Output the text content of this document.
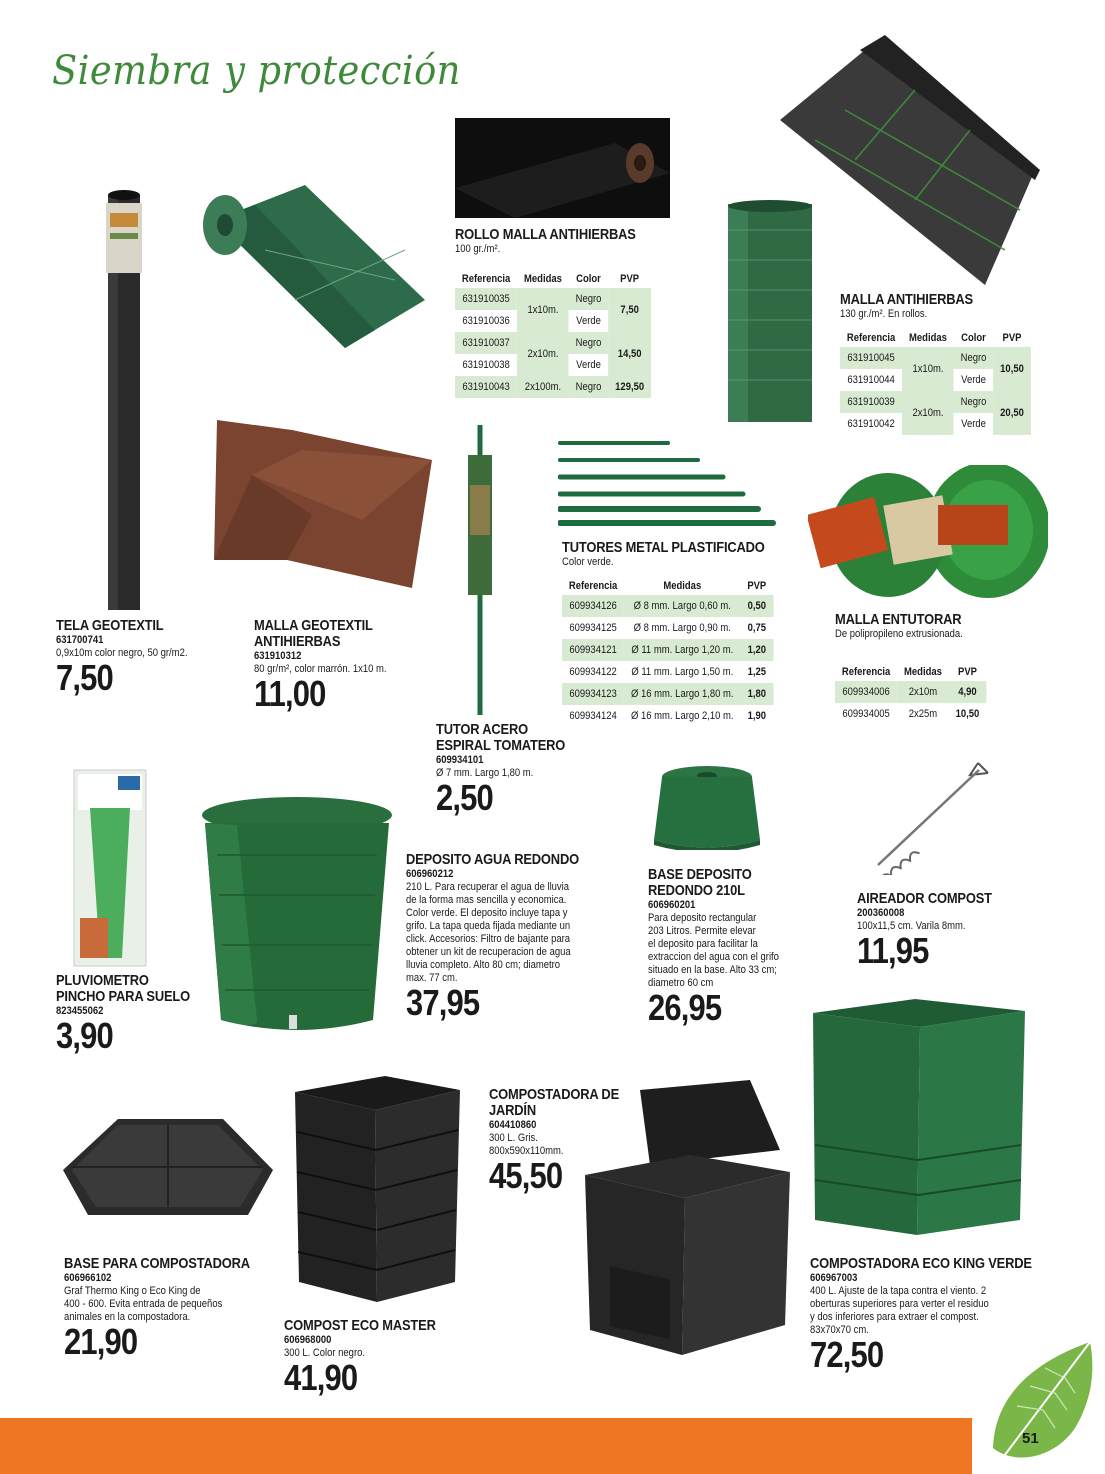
Siembra y protección
TELA GEOTEXTIL
631700741
0,9x10m color negro, 50 gr/m2.
7,50
MALLA GEOTEXTIL
ANTIHIERBAS
631910312
80 gr/m², color marrón. 1x10 m.
11,00
ROLLO MALLA ANTIHIERBAS
100 gr./m².
Referencia	Medidas	Color	PVP
631910035	1x10m.	Negro	7,50
631910036		Verde	
631910037	2x10m.	Negro	14,50
631910038		Verde	
631910043	2x100m.	Negro	129,50
MALLA ANTIHIERBAS
130 gr./m². En rollos.
Referencia	Medidas	Color	PVP
631910045	1x10m.	Negro	10,50
631910044		Verde	
631910039	2x10m.	Negro	20,50
631910042		Verde	
TUTORES METAL PLASTIFICADO
Color verde.
Referencia	Medidas	PVP
609934126	Ø 8 mm. Largo 0,60 m.	0,50
609934125	Ø 8 mm. Largo 0,90 m.	0,75
609934121	Ø 11 mm. Largo 1,20 m.	1,20
609934122	Ø 11 mm. Largo 1,50 m.	1,25
609934123	Ø 16 mm. Largo 1,80 m.	1,80
609934124	Ø 16 mm. Largo 2,10 m.	1,90
MALLA ENTUTORAR
De polipropileno extrusionada.
Referencia	Medidas	PVP
609934006	2x10m	4,90
609934005	2x25m	10,50
TUTOR ACERO
ESPIRAL TOMATERO
609934101
Ø 7 mm. Largo 1,80 m.
2,50
PLUVIOMETRO
PINCHO PARA SUELO
823455062
3,90
DEPOSITO AGUA REDONDO
606960212
210 L. Para recuperar el agua de lluvia
de la forma mas sencilla y economica.
Color verde. El deposito incluye tapa y
grifo. La tapa queda fijada mediante un
click. Accesorios: Filtro de bajante para
obtener un kit de recuperacion de agua
lluvia completo. Alto 80 cm; diametro
max. 77 cm.
37,95
BASE DEPOSITO
REDONDO 210L
606960201
Para deposito rectangular
203 Litros. Permite elevar
el deposito para facilitar la
extraccion del agua con el grifo
situado en la base. Alto 33 cm;
diametro 60 cm
26,95
AIREADOR COMPOST
200360008
100x11,5 cm. Varila 8mm.
11,95
COMPOSTADORA DE
JARDÍN
604410860
300 L. Gris.
800x590x110mm.
45,50
BASE PARA COMPOSTADORA
606966102
Graf Thermo King o Eco King de
400 - 600. Evita entrada de pequeños
animales en la compostadora.
21,90	COMPOST ECO MASTER
606968000
300 L. Color negro.
41,90
COMPOSTADORA ECO KING VERDE
606967003
400 L. Ajuste de la tapa contra el viento. 2
oberturas superiores para verter el residuo
y dos inferiores para extraer el compost.
83x70x70 cm.
72,50
51
